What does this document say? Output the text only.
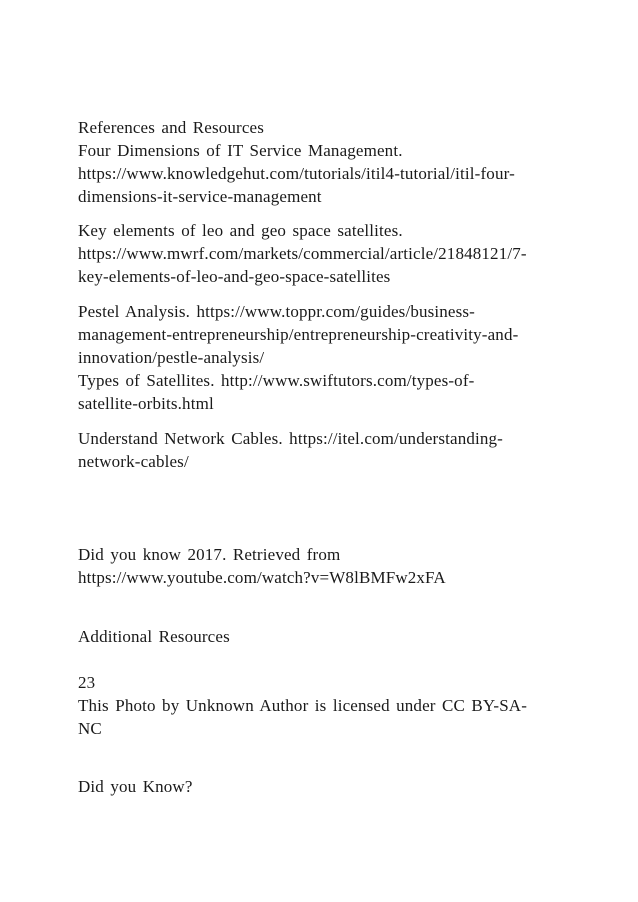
References and Resources
Four Dimensions of IT Service Management.
https://www.knowledgehut.com/tutorials/itil4-tutorial/itil-four-
dimensions-it-service-management
Key elements of leo and geo space satellites.
https://www.mwrf.com/markets/commercial/article/21848121/7-
key-elements-of-leo-and-geo-space-satellites
Pestel Analysis. https://www.toppr.com/guides/business-
management-entrepreneurship/entrepreneurship-creativity-and-
innovation/pestle-analysis/
Types of Satellites. http://www.swiftutors.com/types-of-
satellite-orbits.html
Understand Network Cables. https://itel.com/understanding-
network-cables/
Did you know 2017. Retrieved from
https://www.youtube.com/watch?v=W8lBMFw2xFA
Additional Resources
23
This Photo by Unknown Author is licensed under CC BY-SA-
NC
Did you Know?
